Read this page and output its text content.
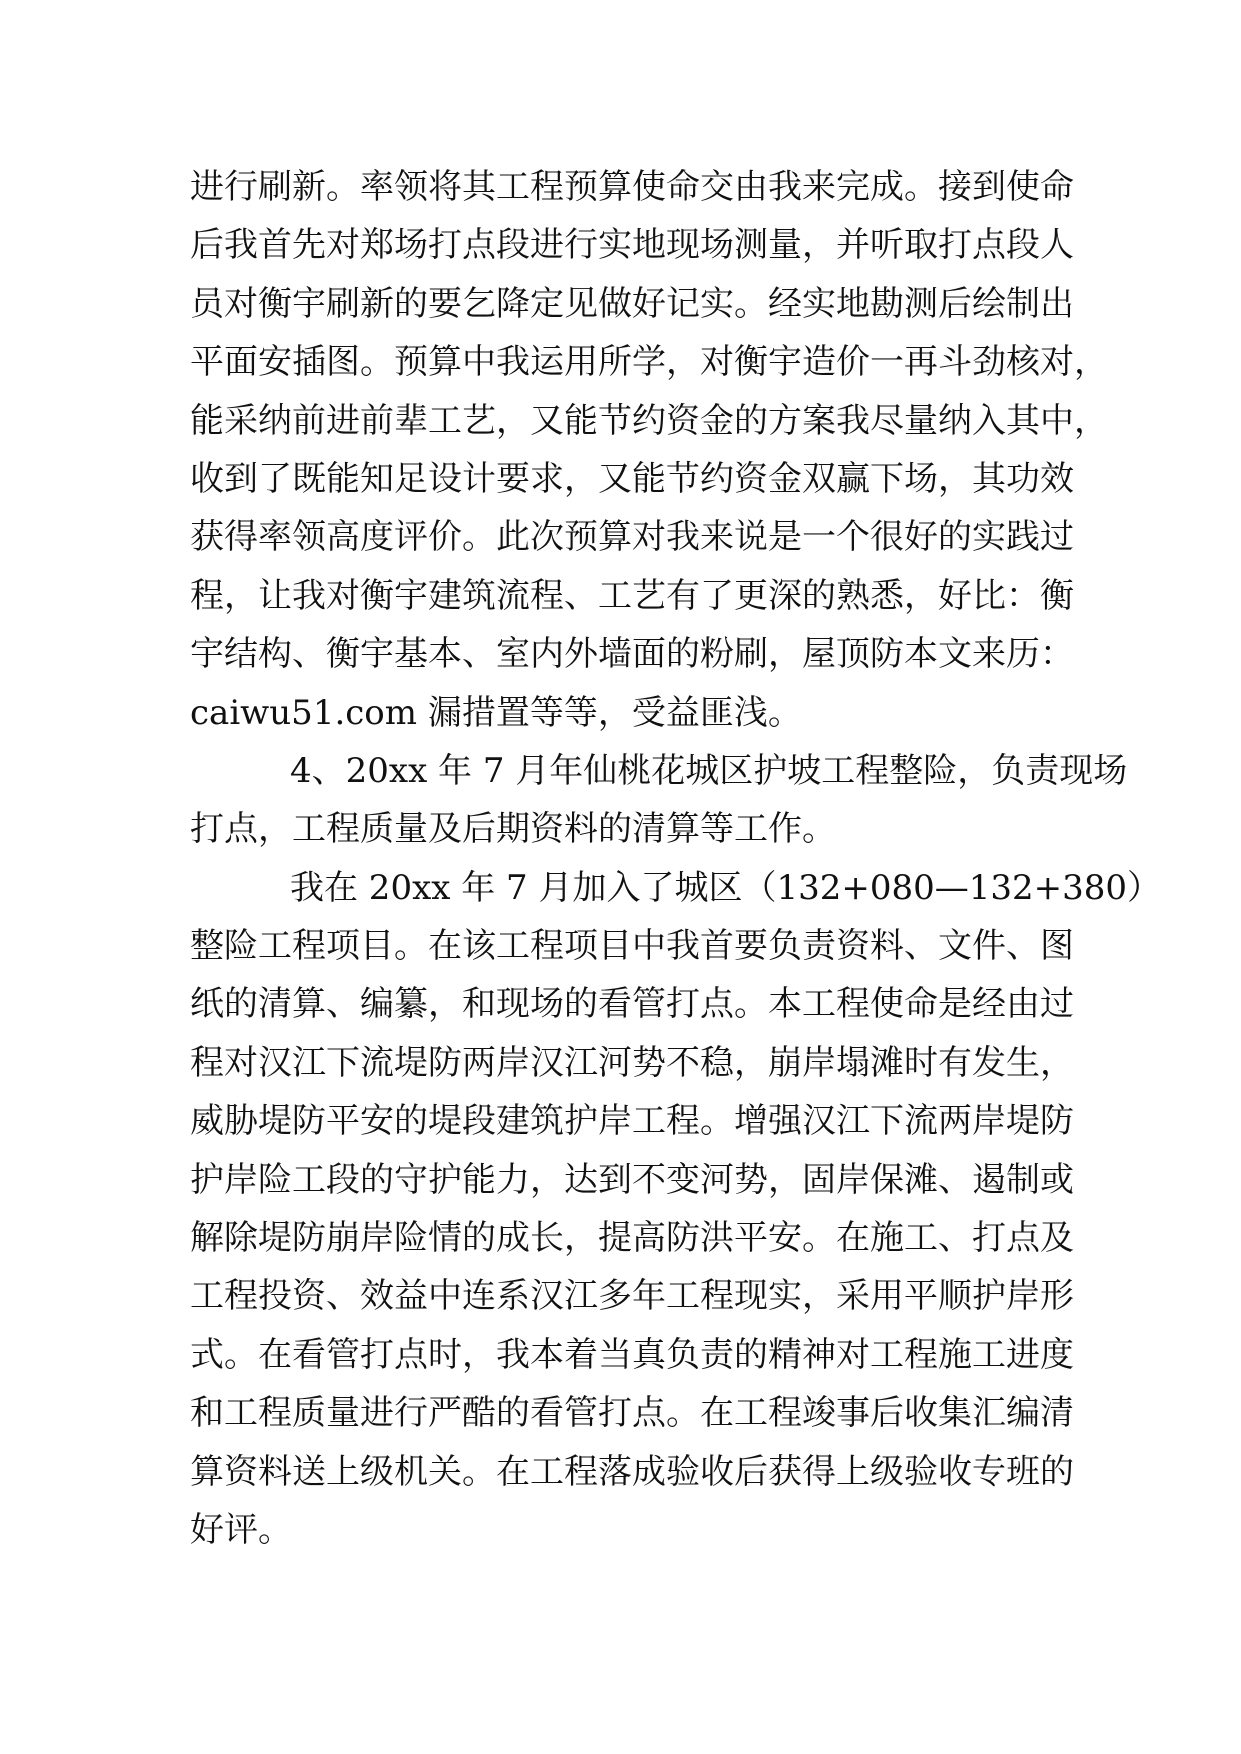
进行刷新。率领将其工程预算使命交由我来完成。接到使命
后我首先对郑场打点段进行实地现场测量，并听取打点段人
员对衡宇刷新的要乞降定见做好记实。经实地勘测后绘制出
平面安插图。预算中我运用所学，对衡宇造价一再斗劲核对，
能采纳前进前辈工艺，又能节约资金的方案我尽量纳入其中，
收到了既能知足设计要求，又能节约资金双赢下场，其功效
获得率领高度评价。此次预算对我来说是一个很好的实践过
程，让我对衡宇建筑流程、工艺有了更深的熟悉，好比：衡
宇结构、衡宇基本、室内外墙面的粉刷，屋顶防本文来历：
caiwu51.com 漏措置等等，受益匪浅。
4、20xx 年 7 月年仙桃花城区护坡工程整险，负责现场
打点，工程质量及后期资料的清算等工作。
我在 20xx 年 7 月加入了城区（132+080—132+380）
整险工程项目。在该工程项目中我首要负责资料、文件、图
纸的清算、编纂，和现场的看管打点。本工程使命是经由过
程对汉江下流堤防两岸汉江河势不稳，崩岸塌滩时有发生，
威胁堤防平安的堤段建筑护岸工程。增强汉江下流两岸堤防
护岸险工段的守护能力，达到不变河势，固岸保滩、遏制或
解除堤防崩岸险情的成长，提高防洪平安。在施工、打点及
工程投资、效益中连系汉江多年工程现实，采用平顺护岸形
式。在看管打点时，我本着当真负责的精神对工程施工进度
和工程质量进行严酷的看管打点。在工程竣事后收集汇编清
算资料送上级机关。在工程落成验收后获得上级验收专班的
好评。
